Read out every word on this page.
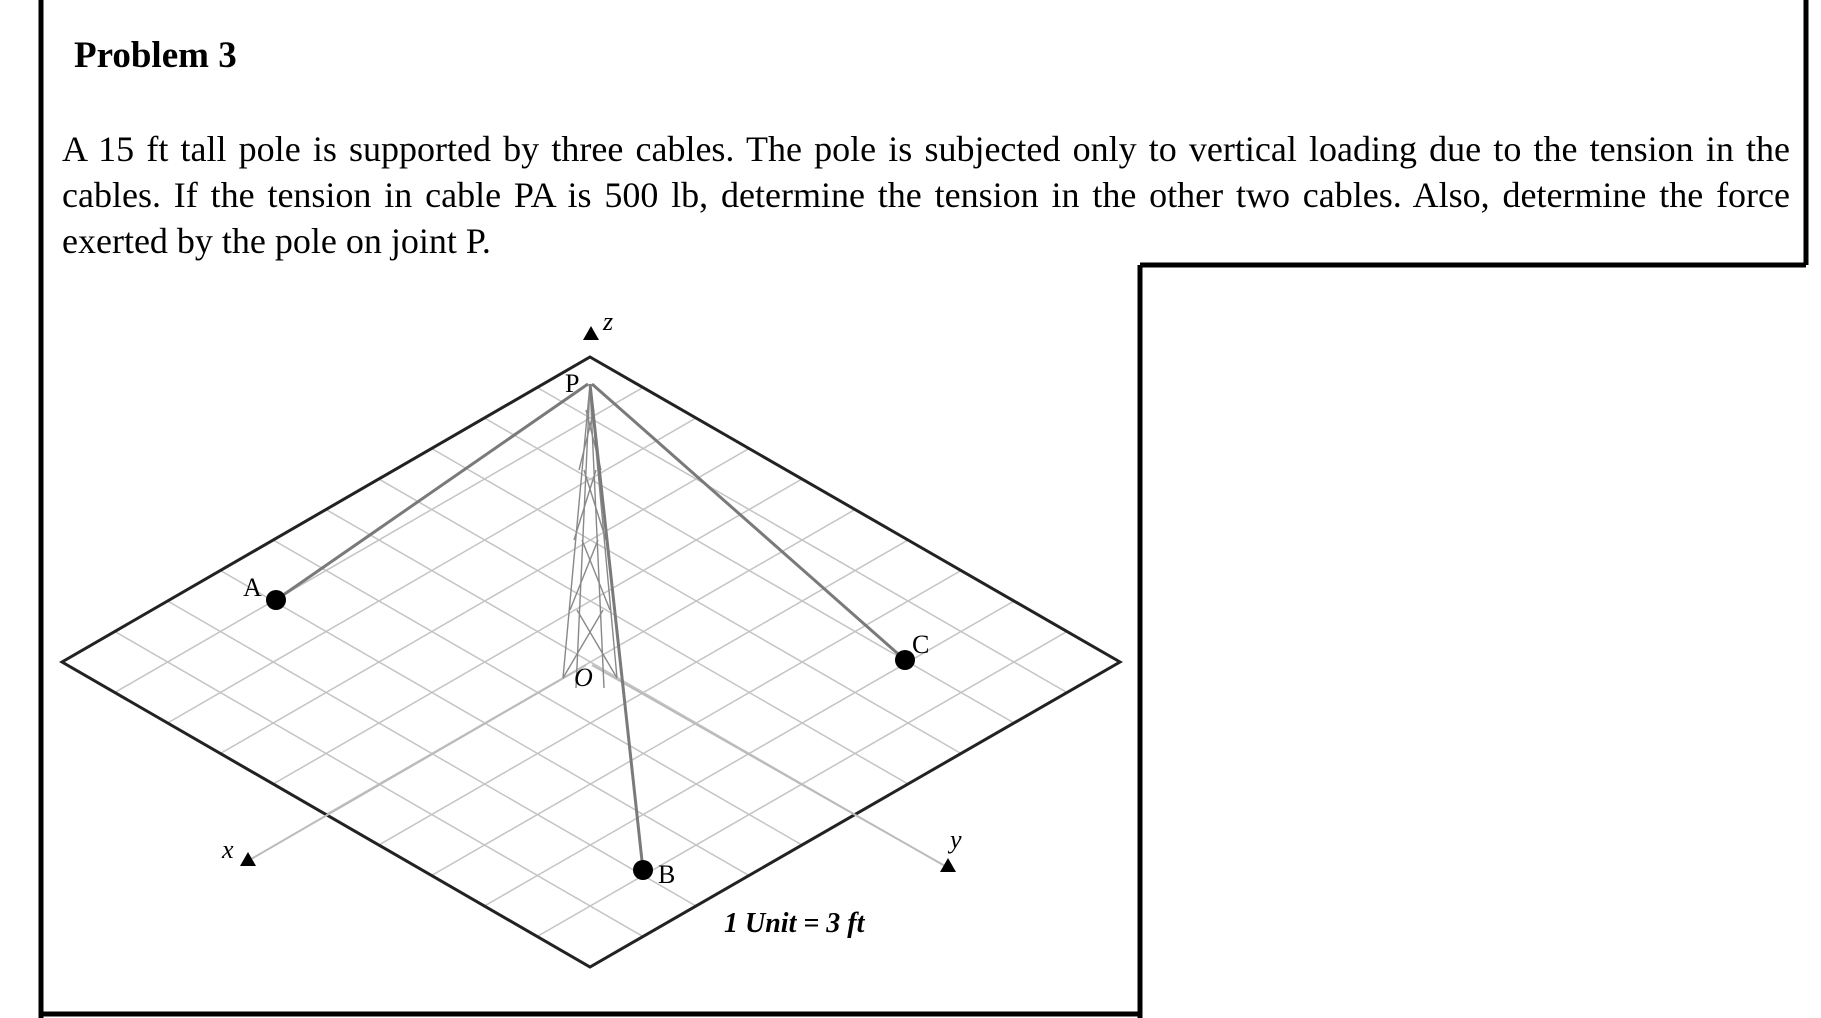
Problem 3

A 15 ft tall pole is supported by three cables. The pole is subjected only to vertical loading due to the tension in the cables. If the tension in cable PA is 500 lb, determine the tension in the other two cables. Also, determine the force exerted by the pole on joint P.

z
x	y
P
A
B
C
O
1 Unit = 3 ft
